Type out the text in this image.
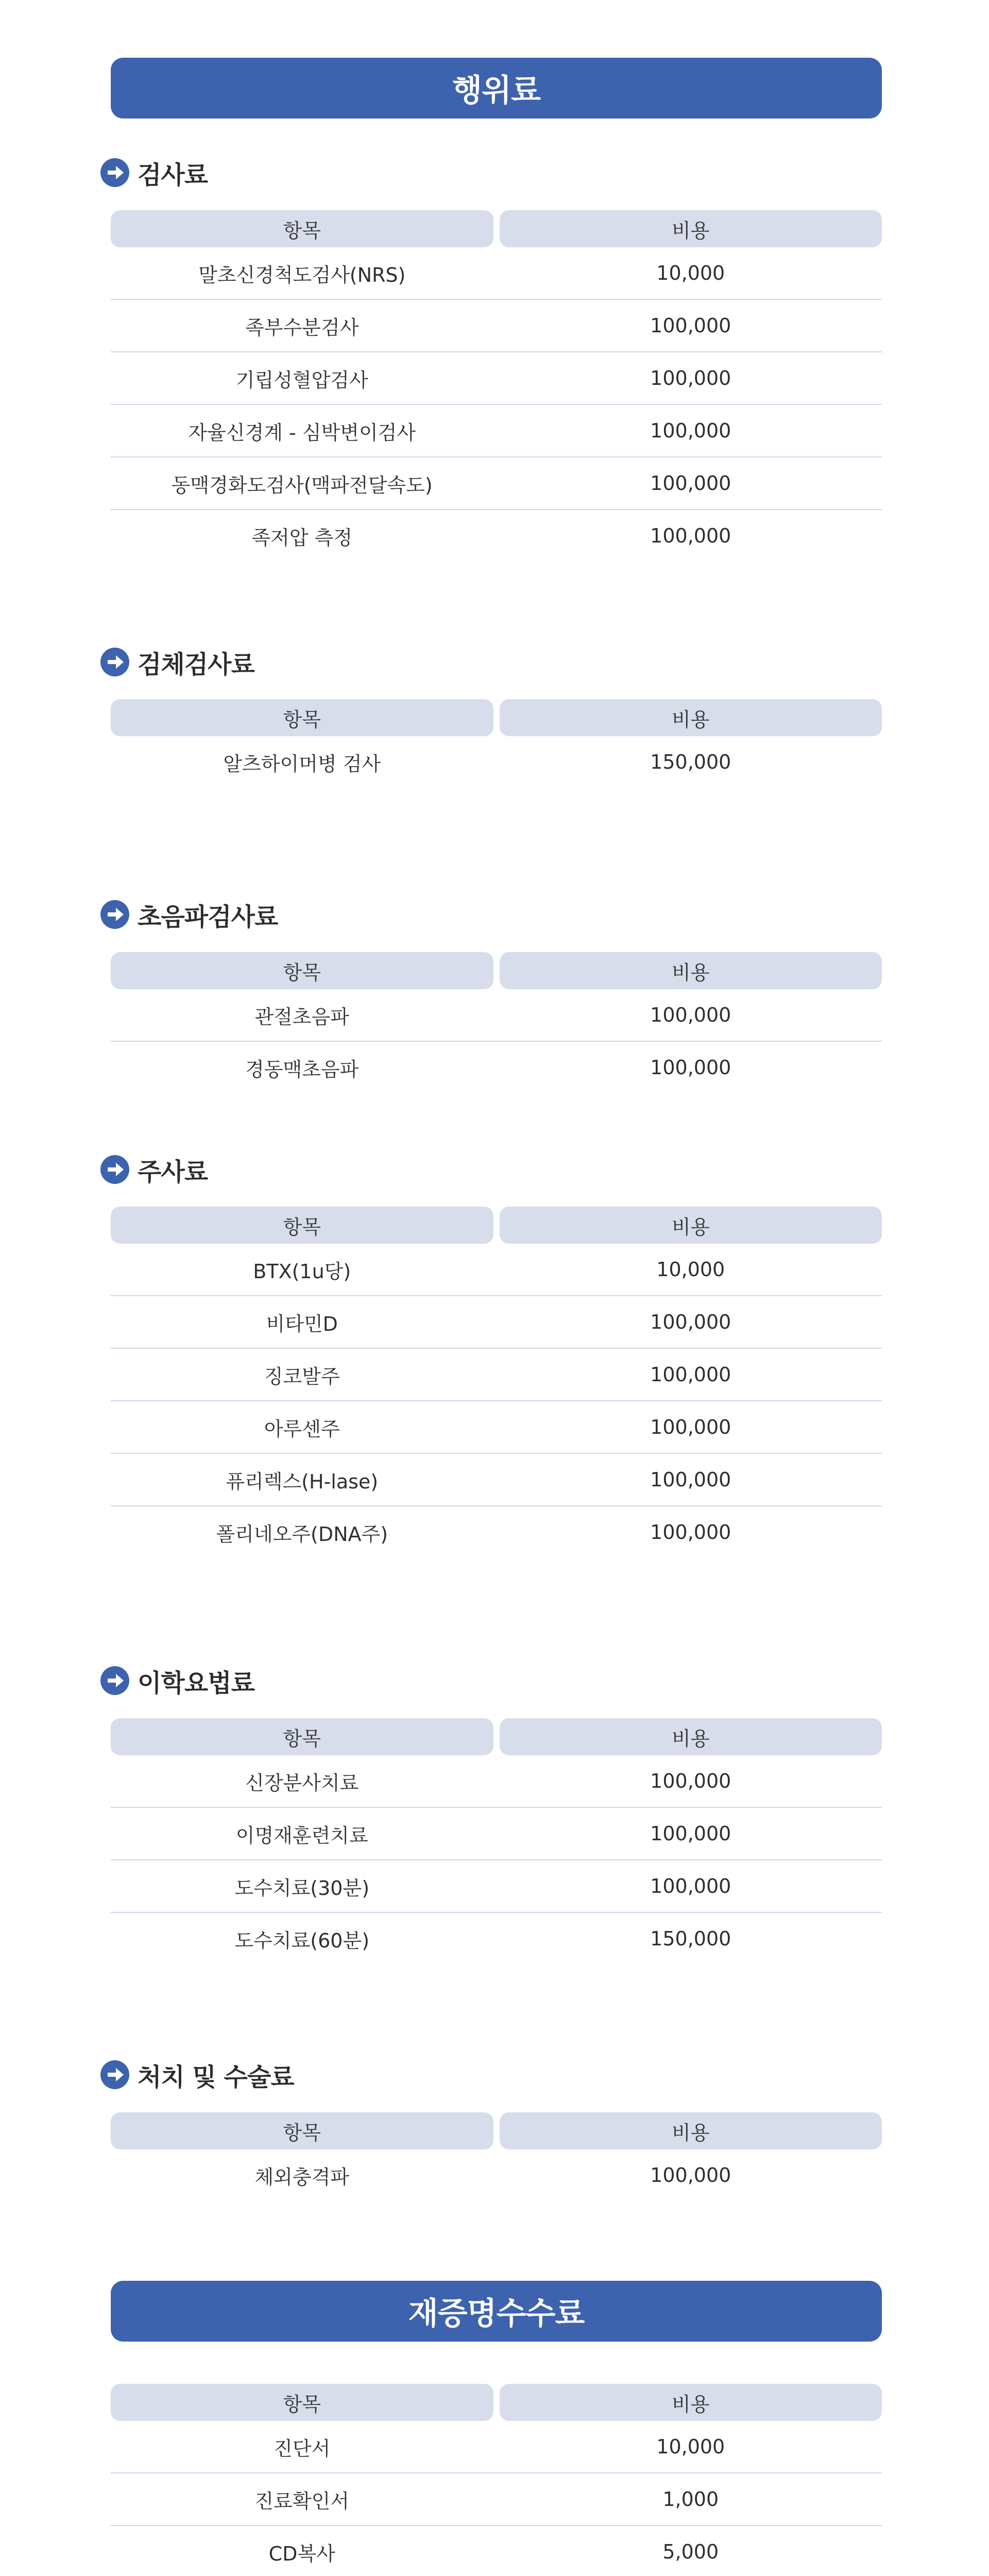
행위료
검사료
항목	비용
말초신경척도검사(NRS)	10,000
족부수분검사	100,000
기립성혈압검사	100,000
자율신경계 - 심박변이검사	100,000
동맥경화도검사(맥파전달속도)	100,000
족저압 측정	100,000
검체검사료
항목	비용
알츠하이머병 검사	150,000
초음파검사료
항목	비용
관절초음파	100,000
경동맥초음파	100,000
주사료
항목	비용
BTX(1u당)	10,000
비타민D	100,000
징코발주	100,000
아루센주	100,000
퓨리렉스(H-lase)	100,000
폴리네오주(DNA주)	100,000
이학요법료
항목	비용
신장분사치료	100,000
이명재훈련치료	100,000
도수치료(30분)	100,000
도수치료(60분)	150,000
처치 및 수술료
항목	비용
체외충격파	100,000
재증명수수료
항목	비용
진단서	10,000
진료확인서	1,000
CD복사	5,000
